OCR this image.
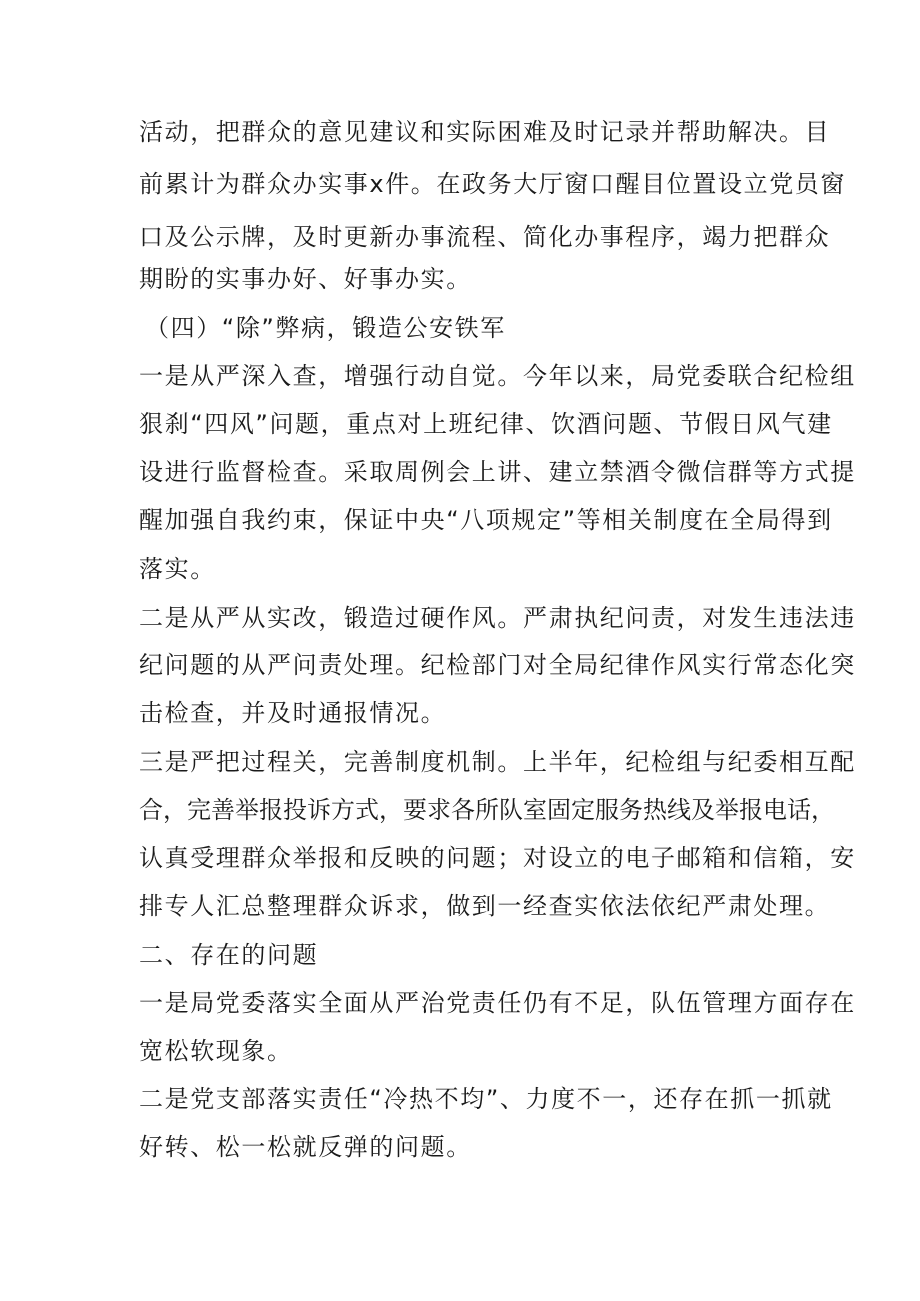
活动，把群众的意见建议和实际困难及时记录并帮助解决。目
前累计为群众办实事x件。在政务大厅窗口醒目位置设立党员窗
口及公示牌，及时更新办事流程、简化办事程序，竭力把群众
期盼的实事办好、好事办实。
（四）“除”弊病，锻造公安铁军
一是从严深入查，增强行动自觉。今年以来，局党委联合纪检组
狠刹“四风”问题，重点对上班纪律、饮酒问题、节假日风气建
设进行监督检查。采取周例会上讲、建立禁酒令微信群等方式提
醒加强自我约束，保证中央“八项规定”等相关制度在全局得到
落实。
二是从严从实改，锻造过硬作风。严肃执纪问责，对发生违法违
纪问题的从严问责处理。纪检部门对全局纪律作风实行常态化突
击检查，并及时通报情况。
三是严把过程关，完善制度机制。上半年，纪检组与纪委相互配
合，完善举报投诉方式，要求各所队室固定服务热线及举报电话，
认真受理群众举报和反映的问题；对设立的电子邮箱和信箱，安
排专人汇总整理群众诉求，做到一经查实依法依纪严肃处理。
二、存在的问题
一是局党委落实全面从严治党责任仍有不足，队伍管理方面存在
宽松软现象。
二是党支部落实责任“冷热不均”、力度不一，还存在抓一抓就
好转、松一松就反弹的问题。
